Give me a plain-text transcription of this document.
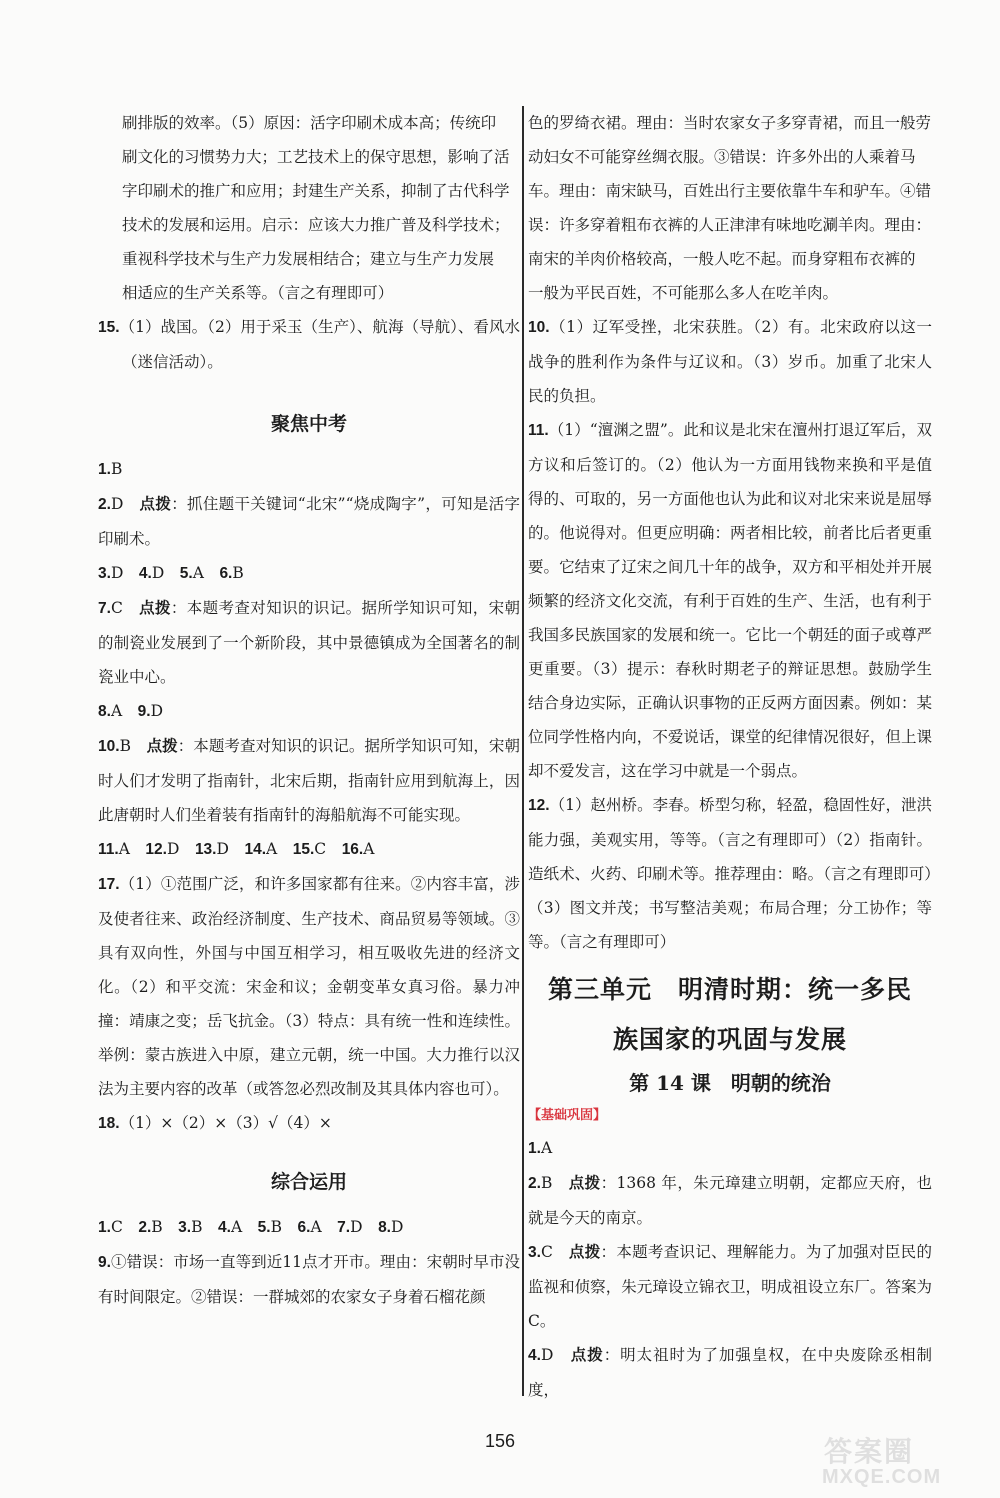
刷排版的效率。（5）原因：活字印刷术成本高；传统印

刷文化的习惯势力大；工艺技术上的保守思想，影响了活

字印刷术的推广和应用；封建生产关系，抑制了古代科学

技术的发展和运用。启示：应该大力推广普及科学技术；

重视科学技术与生产力发展相结合；建立与生产力发展

相适应的生产关系等。（言之有理即可）

15.（1）战国。（2）用于采玉（生产）、航海（导航）、看风水（迷信活动）。

聚焦中考

1.B

2.D　 点拨：抓住题干关键词“北宋”“烧成陶字”，可知是活字印刷术。

3.D　 4.D　 5.A　 6.B

7.C　 点拨：本题考查对知识的识记。据所学知识可知，宋朝的制瓷业发展到了一个新阶段，其中景德镇成为全国著名的制瓷业中心。

8.A　 9.D

10.B　 点拨：本题考查对知识的识记。据所学知识可知，宋朝时人们才发明了指南针，北宋后期，指南针应用到航海上，因此唐朝时人们坐着装有指南针的海船航海不可能实现。

11.A　 12.D　 13.D　 14.A　 15.C　 16.A

17.（1）①范围广泛，和许多国家都有往来。②内容丰富，涉及使者往来、政治经济制度、生产技术、商品贸易等领域。③具有双向性，外国与中国互相学习，相互吸收先进的经济文化。（2）和平交流：宋金和议；金朝变革女真习俗。暴力冲撞：靖康之变；岳飞抗金。（3）特点：具有统一性和连续性。举例：蒙古族进入中原，建立元朝，统一中国。大力推行以汉法为主要内容的改革（或答忽必烈改制及其具体内容也可）。

18.（1）×（2）×（3）√（4）×

综合运用

1.C　 2.B　 3.B　 4.A　 5.B　 6.A　 7.D　 8.D

9.①错误：市场一直等到近11点才开市。理由：宋朝时早市没有时间限定。②错误：一群城郊的农家女子身着石榴花颜

色的罗绮衣裙。理由：当时农家女子多穿青裙，而且一般劳

动妇女不可能穿丝绸衣服。③错误：许多外出的人乘着马

车。理由：南宋缺马，百姓出行主要依靠牛车和驴车。④错

误：许多穿着粗布衣裤的人正津津有味地吃涮羊肉。理由：

南宋的羊肉价格较高，一般人吃不起。而身穿粗布衣裤的

一般为平民百姓，不可能那么多人在吃羊肉。

10.（1）辽军受挫，北宋获胜。（2）有。北宋政府以这一战争的胜利作为条件与辽议和。（3）岁币。加重了北宋人民的负担。

11.（1）“澶渊之盟”。此和议是北宋在澶州打退辽军后，双方议和后签订的。（2）他认为一方面用钱物来换和平是值得的、可取的，另一方面他也认为此和议对北宋来说是屈辱的。他说得对。但更应明确：两者相比较，前者比后者更重要。它结束了辽宋之间几十年的战争，双方和平相处并开展频繁的经济文化交流，有利于百姓的生产、生活，也有利于我国多民族国家的发展和统一。它比一个朝廷的面子或尊严更重要。（3）提示：春秋时期老子的辩证思想。鼓励学生结合身边实际，正确认识事物的正反两方面因素。例如：某位同学性格内向，不爱说话，课堂的纪律情况很好，但上课却不爱发言，这在学习中就是一个弱点。

12.（1）赵州桥。李春。桥型匀称，轻盈，稳固性好，泄洪能力强，美观实用，等等。（言之有理即可）（2）指南针。造纸术、火药、印刷术等。推荐理由：略。（言之有理即可）（3）图文并茂；书写整洁美观；布局合理；分工协作；等等。（言之有理即可）

第三单元　明清时期：统一多民
族国家的巩固与发展
第 14 课　明朝的统治
【基础巩固】

1.A

2.B　 点拨：1368 年，朱元璋建立明朝，定都应天府，也就是今天的南京。

3.C　 点拨：本题考查识记、理解能力。为了加强对臣民的监视和侦察，朱元璋设立锦衣卫，明成祖设立东厂。答案为 C。

4.D　 点拨：明太祖时为了加强皇权，在中央废除丞相制度，

156	答案圈
MXQE.COM
